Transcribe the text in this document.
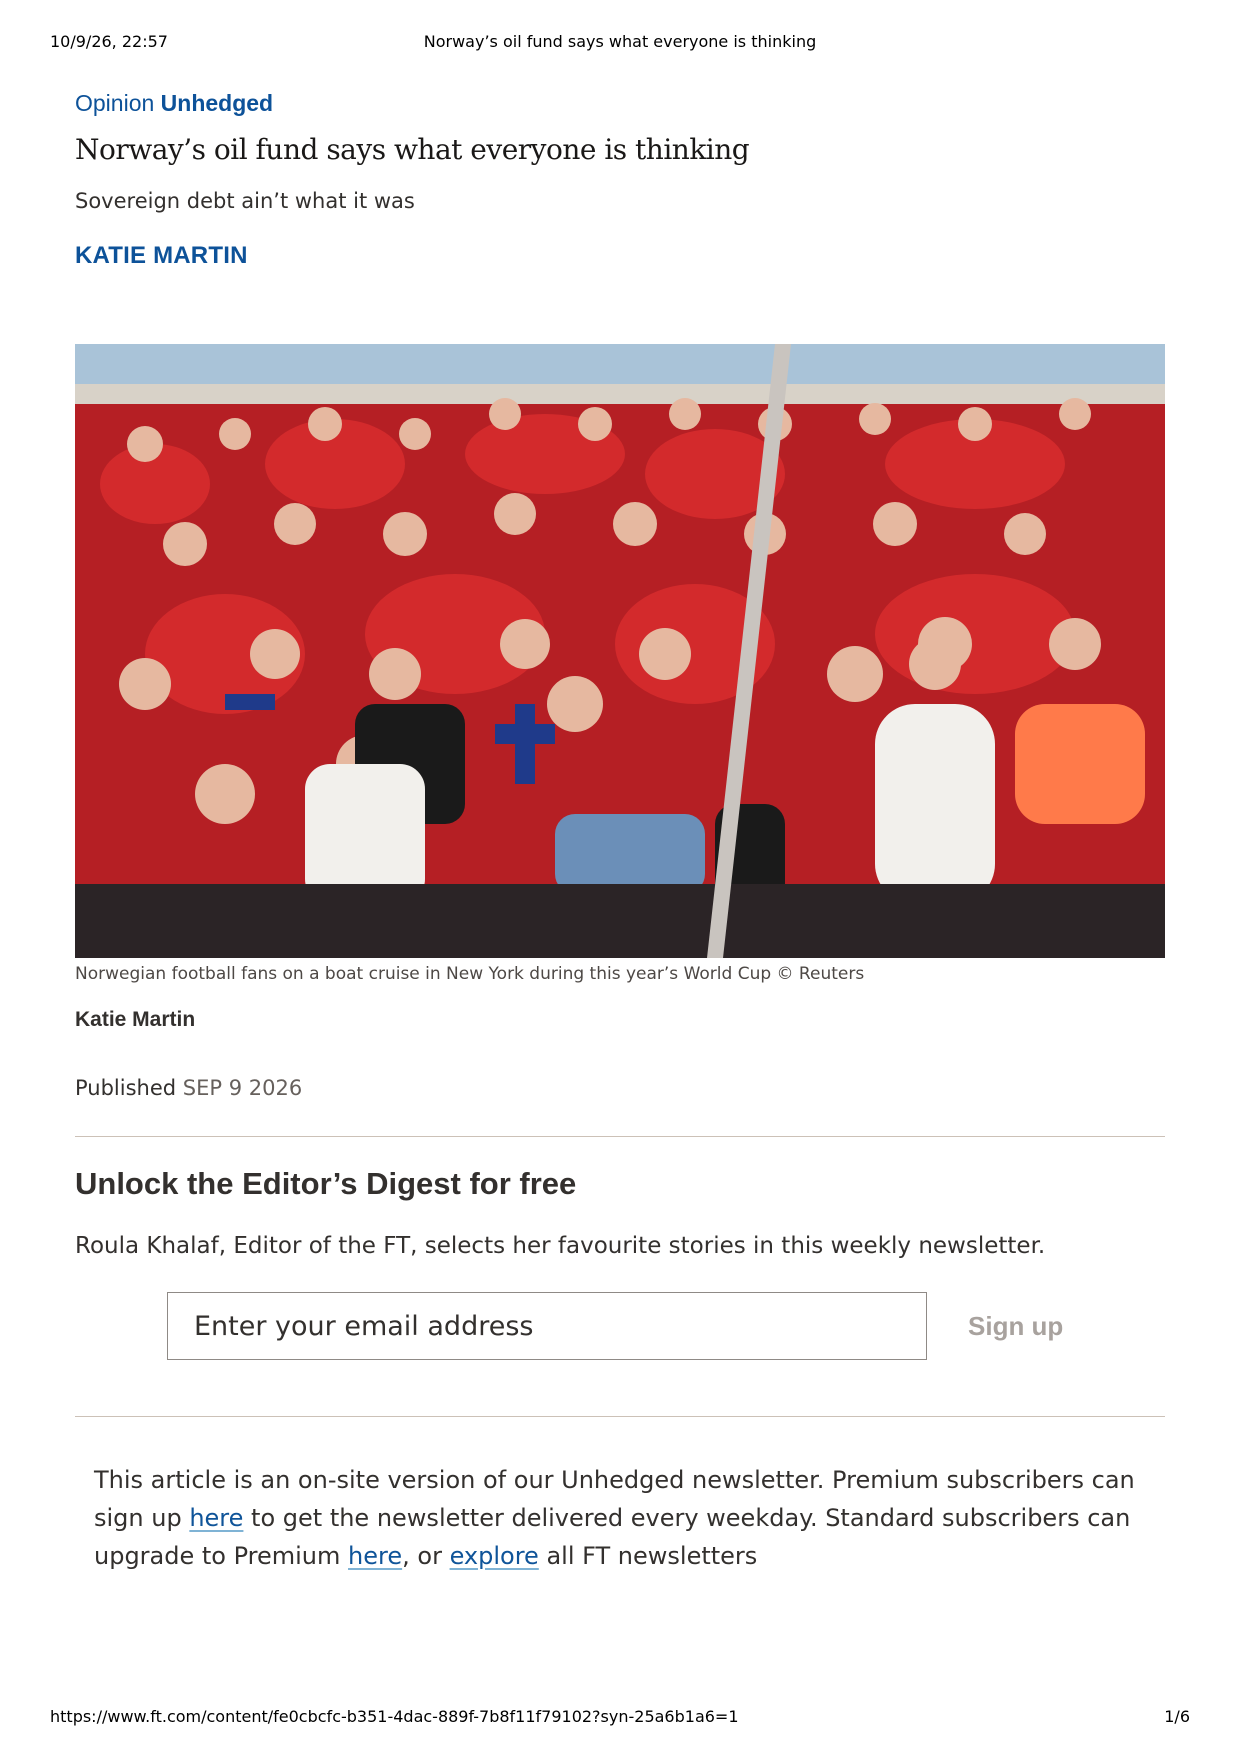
10/9/26, 22:57	Norway’s oil fund says what everyone is thinking
Opinion Unhedged
Norway’s oil fund says what everyone is thinking
Sovereign debt ain’t what it was
KATIE MARTIN
Norwegian football fans on a boat cruise in New York during this year’s World Cup © Reuters
Katie Martin
Published SEP 9 2026
Unlock the Editor’s Digest for free
Roula Khalaf, Editor of the FT, selects her favourite stories in this weekly newsletter.
Enter your email address
Sign up
This article is an on-site version of our Unhedged newsletter. Premium subscribers can sign up here to get the newsletter delivered every weekday. Standard subscribers can upgrade to Premium here, or explore all FT newsletters
https://www.ft.com/content/fe0cbcfc-b351-4dac-889f-7b8f11f79102?syn-25a6b1a6=1	1/6
